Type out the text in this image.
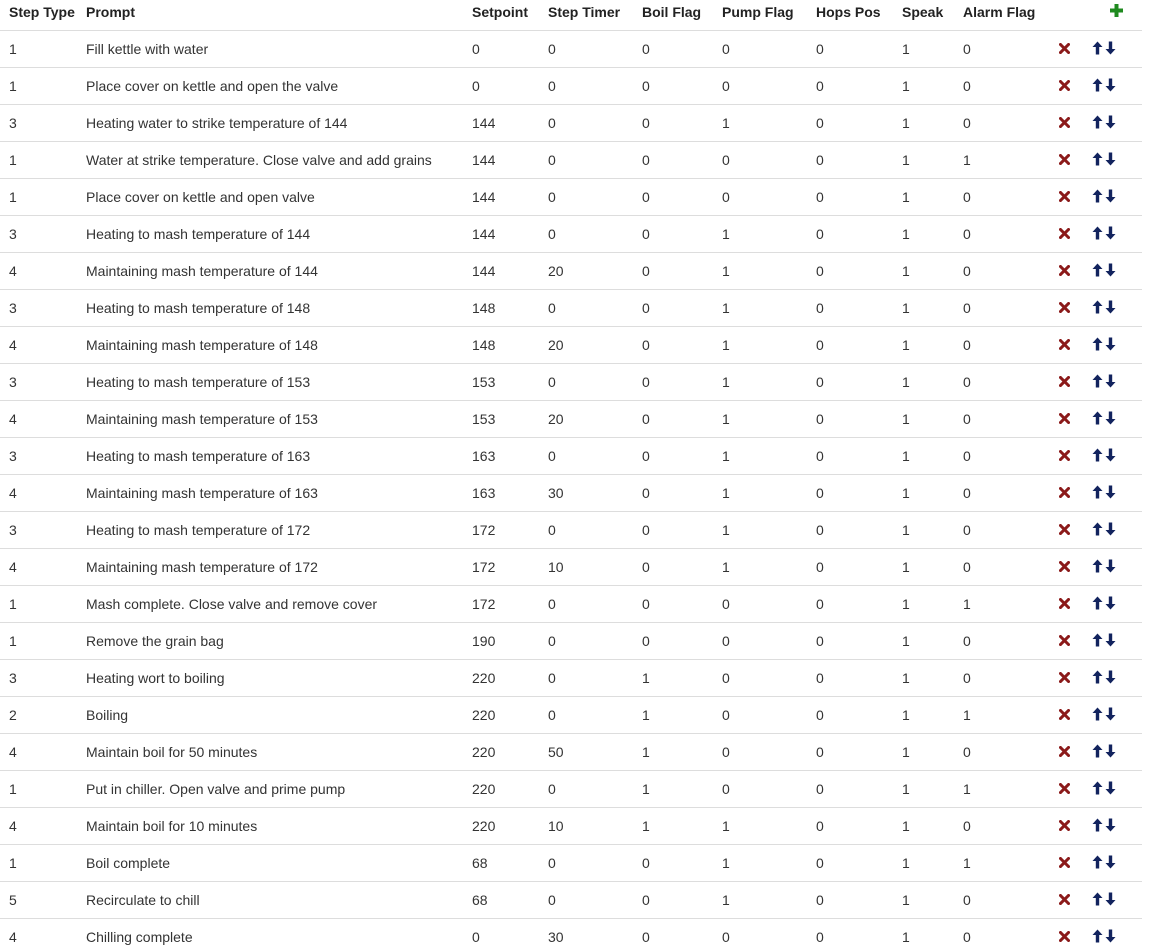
Step Type	Prompt	Setpoint	Step Timer	Boil Flag	Pump Flag	Hops Pos	Speak	Alarm Flag		

1	Fill kettle with water	0	0	0	0	0	1	0	

1	Place cover on kettle and open the valve	0	0	0	0	0	1	0	

3	Heating water to strike temperature of 144	144	0	0	1	0	1	0	

1	Water at strike temperature. Close valve and add grains	144	0	0	0	0	1	1	

1	Place cover on kettle and open valve	144	0	0	0	0	1	0	

3	Heating to mash temperature of 144	144	0	0	1	0	1	0	

4	Maintaining mash temperature of 144	144	20	0	1	0	1	0	

3	Heating to mash temperature of 148	148	0	0	1	0	1	0	

4	Maintaining mash temperature of 148	148	20	0	1	0	1	0	

3	Heating to mash temperature of 153	153	0	0	1	0	1	0	

4	Maintaining mash temperature of 153	153	20	0	1	0	1	0	

3	Heating to mash temperature of 163	163	0	0	1	0	1	0	

4	Maintaining mash temperature of 163	163	30	0	1	0	1	0	

3	Heating to mash temperature of 172	172	0	0	1	0	1	0	

4	Maintaining mash temperature of 172	172	10	0	1	0	1	0	

1	Mash complete. Close valve and remove cover	172	0	0	0	0	1	1	

1	Remove the grain bag	190	0	0	0	0	1	0	

3	Heating wort to boiling	220	0	1	0	0	1	0	

2	Boiling	220	0	1	0	0	1	1	

4	Maintain boil for 50 minutes	220	50	1	0	0	1	0	

1	Put in chiller. Open valve and prime pump	220	0	1	0	0	1	1	

4	Maintain boil for 10 minutes	220	10	1	1	0	1	0	

1	Boil complete	68	0	0	1	0	1	1	

5	Recirculate to chill	68	0	0	1	0	1	0	

4	Chilling complete	0	30	0	0	0	1	0	
